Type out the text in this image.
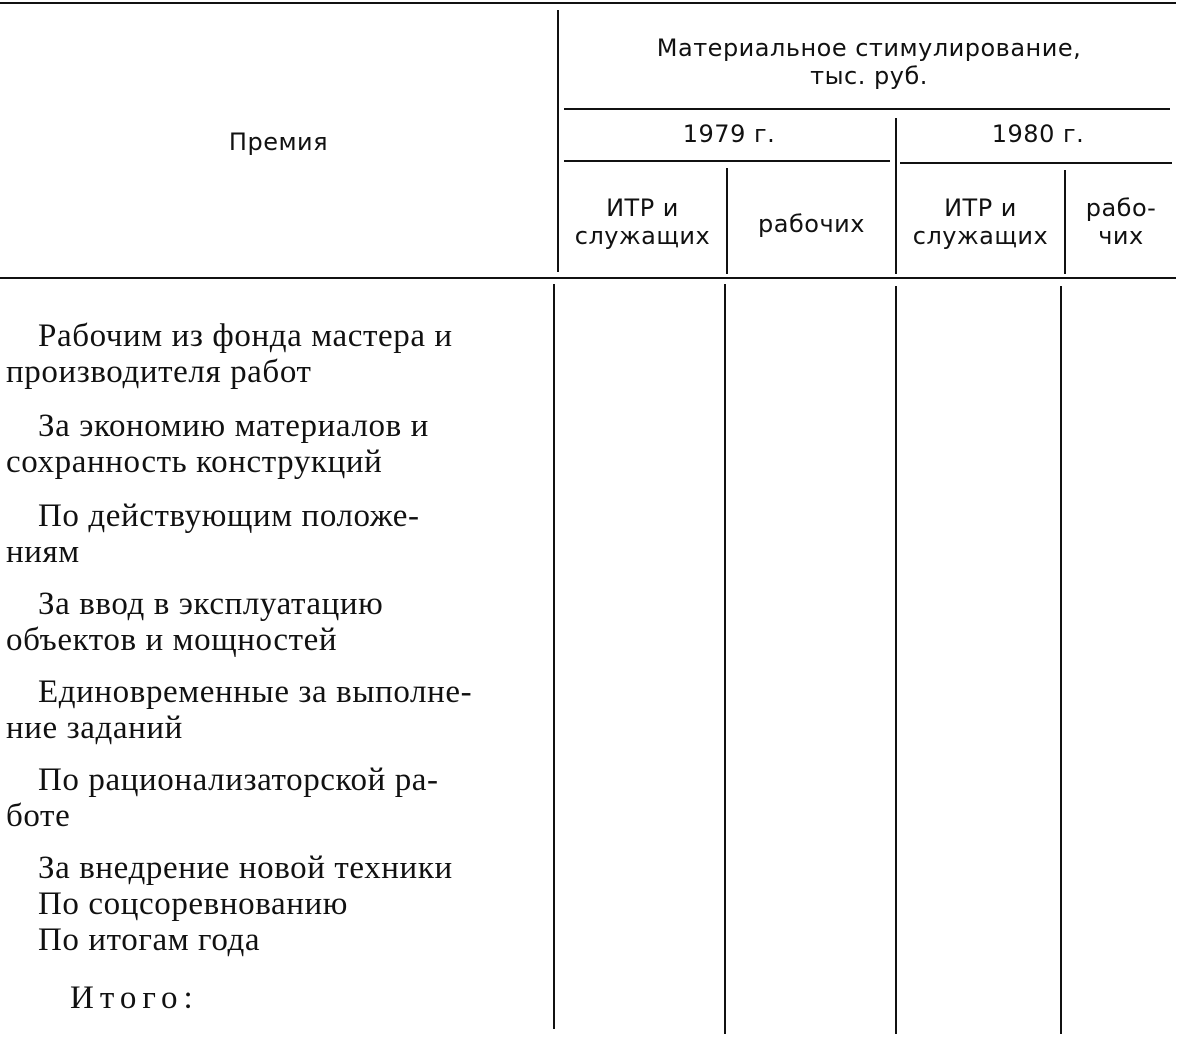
Премия
Материальное стимулирование,
тыс. руб.
1979 г.	1980 г.
ИТР и
служащих	рабочих
ИТР и
служащих
рабо-
чих
Рабочим из фонда мастера и
производителя работ
За экономию материалов и
сохранность конструкций
По действующим положе-
ниям
За ввод в эксплуатацию
объектов и мощностей
Единовременные за выполне-
ние заданий
По рационализаторской ра-
боте
За внедрение новой техники
По соцсоревнованию
По итогам года
Итого:
